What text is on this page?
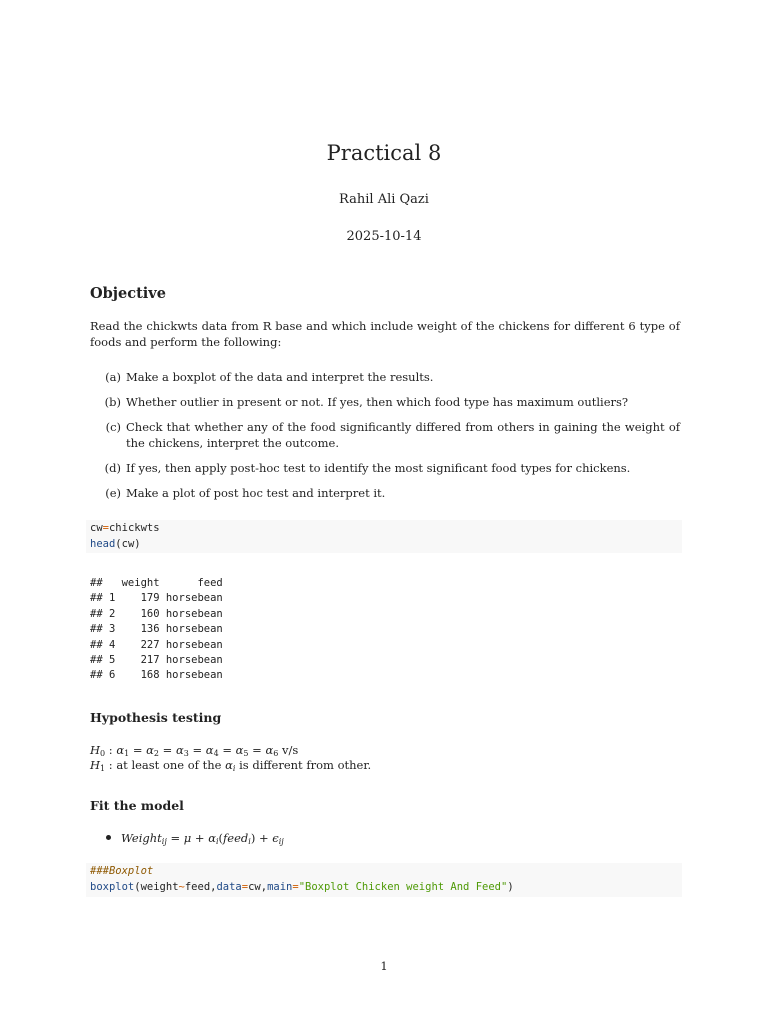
Practical 8
Rahil Ali Qazi
2025-10-14
Objective
Read the chickwts data from R base and which include weight of the chickens for different 6 type of foods and perform the following:
(a) Make a boxplot of the data and interpret the results.
(b) Whether outlier in present or not. If yes, then which food type has maximum outliers?
(c) Check that whether any of the food significantly differed from others in gaining the weight of the chickens, interpret the outcome.
(d) If yes, then apply post-hoc test to identify the most significant food types for chickens.
(e) Make a plot of post hoc test and interpret it.
cw=chickwts
head(cw)
##   weight      feed
## 1    179 horsebean
## 2    160 horsebean
## 3    136 horsebean
## 4    227 horsebean
## 5    217 horsebean
## 6    168 horsebean
Hypothesis testing
$H_0$ : $\alpha_1 = \alpha_2 = \alpha_3 = \alpha_4 = \alpha_5 = \alpha_6$ v/s
$H_1$ : at least one of the $\alpha_i$ is different from other.
Fit the model
Weight$_{ij}$ = $\mu + \alpha_i(feed_i) + \epsilon_{ij}$
###Boxplot
boxplot(weight~feed,data=cw,main="Boxplot Chicken weight And Feed")
1
